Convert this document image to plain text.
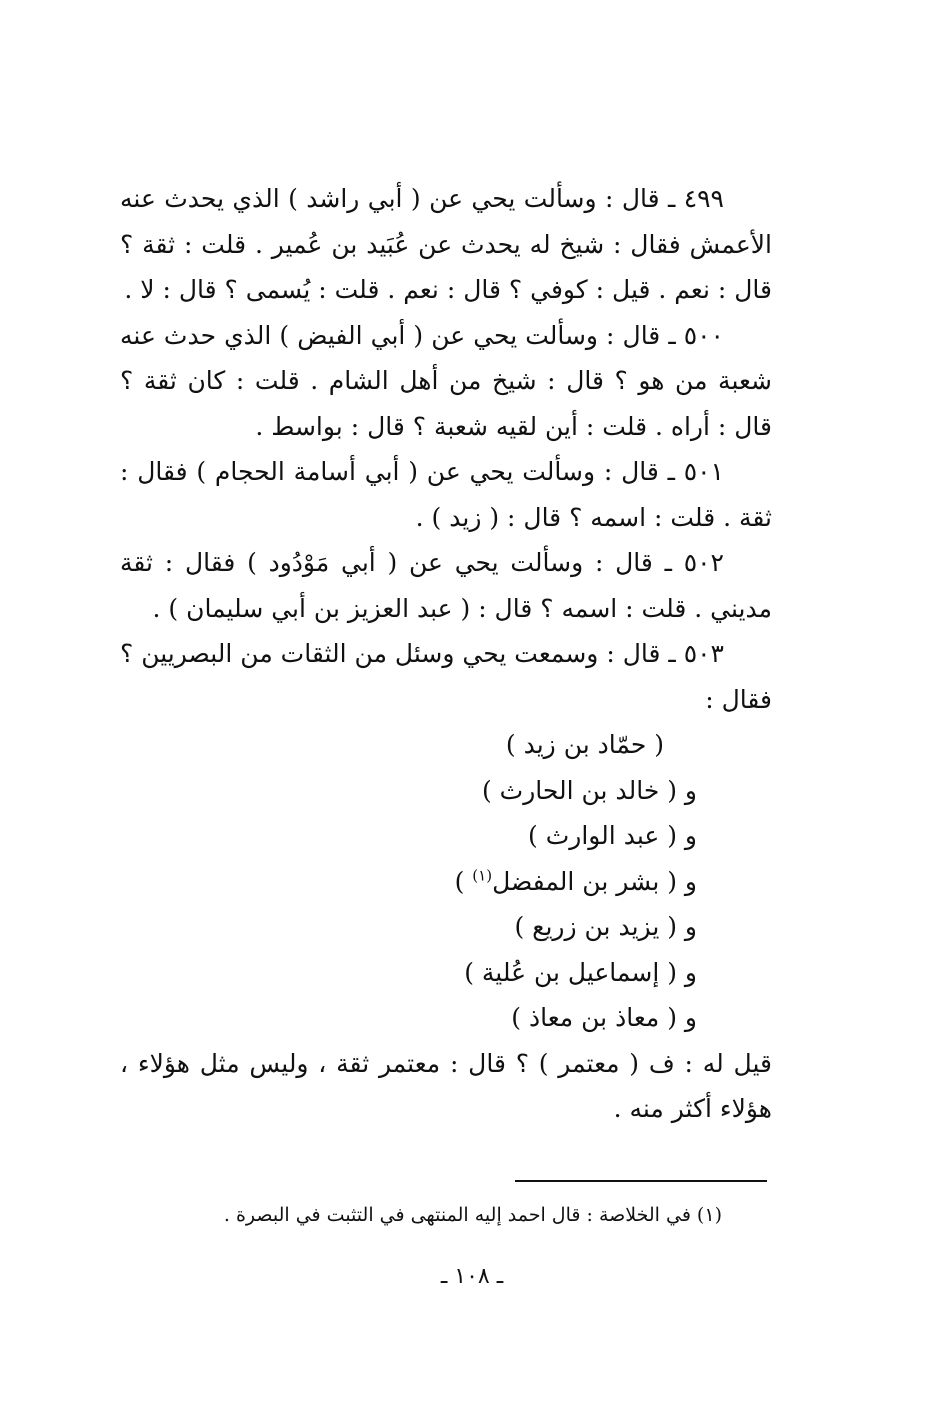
٤٩٩ ـ قال : وسألت يحي عن ( أبي راشد ) الذي يحدث عنه الأعمش فقال : شيخ له يحدث عن عُبَيد بن عُمير . قلت : ثقة ؟ قال : نعم . قيل : كوفي ؟ قال : نعم . قلت : يُسمى ؟ قال : لا .

٥٠٠ ـ قال : وسألت يحي عن ( أبي الفيض ) الذي حدث عنه شعبة من هو ؟ قال : شيخ من أهل الشام . قلت : كان ثقة ؟ قال : أراه . قلت : أين لقيه شعبة ؟ قال : بواسط .

٥٠١ ـ قال : وسألت يحي عن ( أبي أسامة الحجام ) فقال : ثقة . قلت : اسمه ؟ قال : ( زيد ) .

٥٠٢ ـ قال : وسألت يحي عن ( أبي مَوْدُود ) فقال : ثقة مديني . قلت : اسمه ؟ قال : ( عبد العزيز بن أبي سليمان ) .

٥٠٣ ـ قال : وسمعت يحي وسئل من الثقات من البصريين ؟ فقال :

( حمّاد بن زيد )
و ( خالد بن الحارث )
و ( عبد الوارث )
و ( بشر بن المفضل$^{(١)}$ )
و ( يزيد بن زريع )
و ( إسماعيل بن عُلية )
و ( معاذ بن معاذ )

قيل له : ف ( معتمر ) ؟ قال : معتمر ثقة ، وليس مثل هؤلاء ، هؤلاء أكثر منه .

(١) في الخلاصة : قال احمد إليه المنتهى في التثبت في البصرة .
ـ ١٠٨ ـ
